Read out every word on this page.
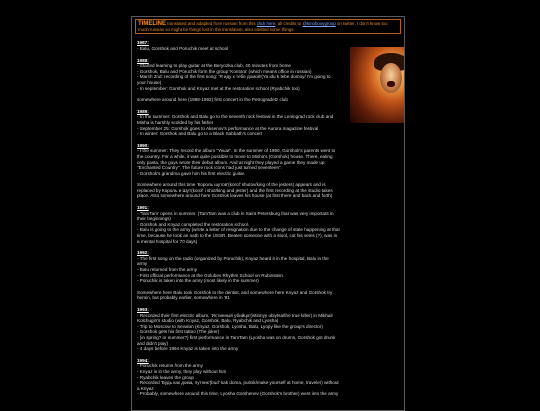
TIMELINE translated and adapted from russian from this click here. all credits to @kinobouygroup on twitter. I don't know too much russian so might be things lost in the translation, also omitted some things.
1987:
- Balu, Gorshok and Poruchik meet at school
1988:
- Started learning to play guitar at the Beryozka club, 40 minutes from home
- Gorshok, Balu and Poruchik form the group 'Kontora' (which means office in russian)
- March 2nd: recording of the first song: 'Я иду к тебе домой'(Ya idu k tebe domoy/ I'm going to your house)
- In september: Gorshok and Knyaz met at the restoration school (Ryabchik too)
somewhere around here (1988-1992) first concert in the Petrogradetz club
1989:
- In the summer: Gorshok and Balu go to the seventh rock festival in the Leningrad rock club and Misha is harshly scolded by his father
- September 25: Gorshok goes to Aksenov's performance at the Aurora magazine festival
- In winter: Gorshok and Balu go to a Black Sabbath's concert
1990:
- I the summer: They record the album "Yeши". In the summer of 1990, Gorshok's parents went to the country. For a while, it was quite possible to move to Misha's (Gorshok) house. There, eating only pasta, the guys wrote their debut album. And at night they played a game they made up: "Enchanted Country". The future rock icons had just turned seventeen".
- Gorshok's grandma gave him his first electric guitar.
Somewhere around this time 'Король шутов'(korol' shutov/king of the jesters) appears and is replaced by Король и Шут(korol' i shut/king and jester) and the first recording at the studio takes place. Also somewhere around here Gorshok leaves his house (at first there and back and forth)
1991:
- 'TamTam' opens in summer. (TamTam was a club in Saint Petersburg that was very important in their beginnings)
- Gorshok and Knyaz completed the restoration school.
- Balu is going to the army (wrote a letter of resignation due to the change of state happening at that time, because he took an oath to the USSR. Beaten someone with a stool, cut his veins (?), was in a mental hospital for 70 days)
1992:
- The first song on the radio (organized by Poruchik), Knyaz heard it in the hospital, Balu in the army
- Balu returned from the army
- First official performance at the Golubev Rhythm School on Rubinstein.
- Poruchik is taken into the army (most likely in the summer)
Somewhere here Balu took Gorshok to the dentist, and somewhere here Knyaz and Gorshok try heroin, but probably earlier, somewhere in '91
1993:
- Recorded their first electric album, 'Истинный убийца'(istinnyy ubiytsa/the true killer) in Mikhail Kolchugin's studio (with Knyaz, Gorshok, Balu, Ryabchik and Lyosha)
- Trip to Moscow to Sevalon (Knyaz, Gorshok, Lyosha, Balu, Lyopy like the group's director)
- Gorshok gets his first tattoo (The joker)
- (in spring? or summer?) first performance in TamTam (Lyosha was on drums, Gorshok got drunk and didn't play)
- 4 days before 1994 Knyaz is taken into the army
1994:
- Poruchik returns from the army
- Knyaz is in the army, they play without him
- Ryabchik leaves the group
- Recorded 'Будь как дома, путник'(bud' kak doma, putnik/make yourself at home, traveler) without a Knyaz
- Probably, somewhere around this time, Lyosha Gorshenev (Gorshok's brother) went into the army
